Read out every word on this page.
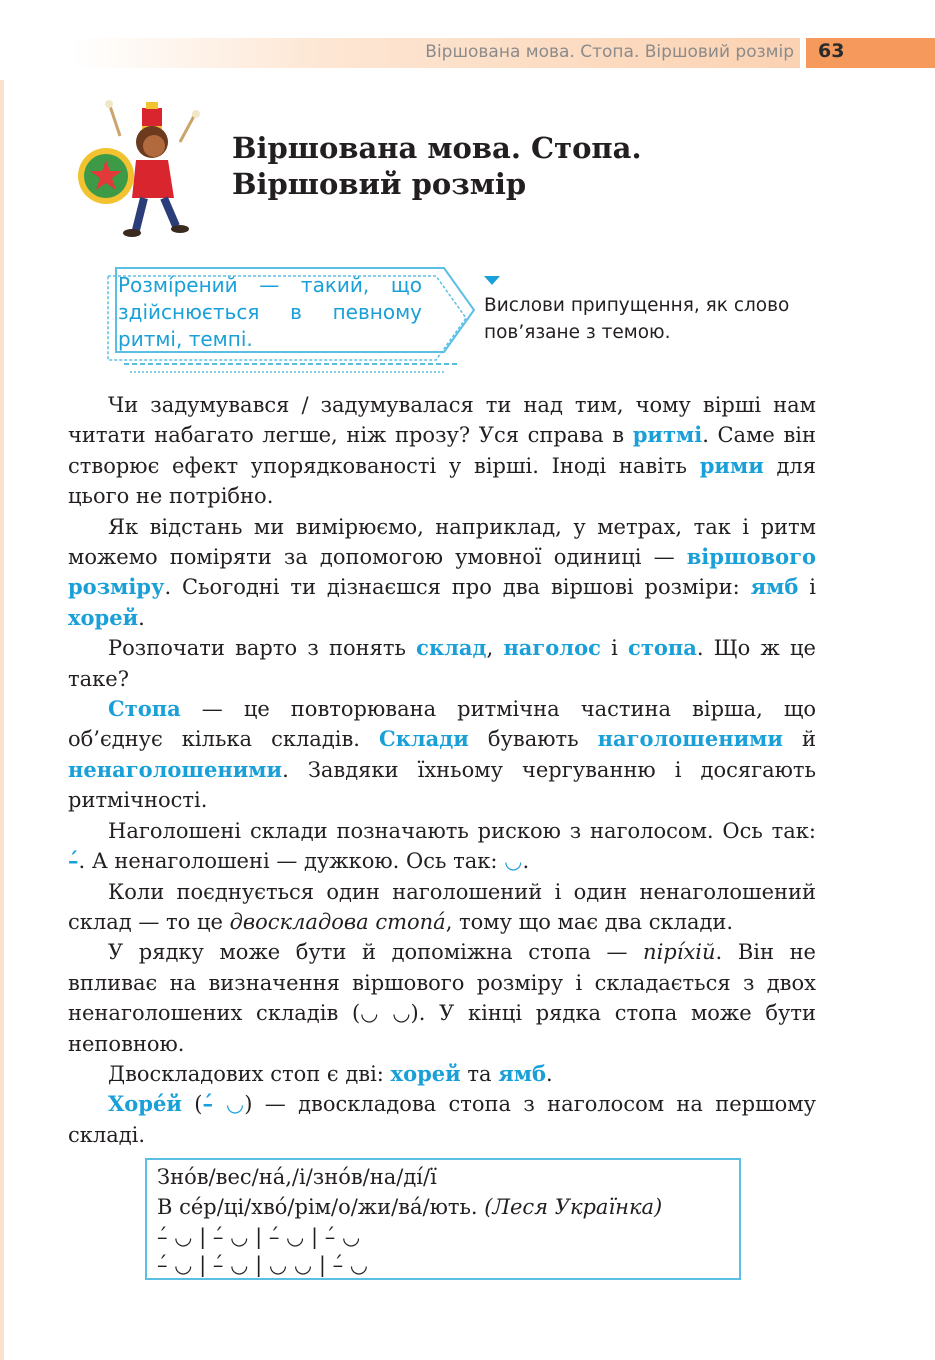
Віршована мова. Стопа. Віршовий розмір 63
Віршована мова. Стопа.
Віршовий розмір
Розмі́рений — такий, що здійснюється в певному ритмі, темпі.
Вислови припущення, як слово пов’язане з темою.

Чи задумувався / задумувалася ти над тим, чому вірші нам читати набагато легше, ніж прозу? Уся справа в ритмі. Саме він створює ефект упорядкованості у вірші. Іноді навіть рими для цього не потрібно.

Як відстань ми вимірюємо, наприклад, у метрах, так і ритм можемо поміряти за допомогою умовної одиниці — віршового розміру. Сьогодні ти дізнаєшся про два віршові розміри: ямб і хорей.

Розпочати варто з понять склад, наголос і стопа. Що ж це таке?

Стопа — це повторювана ритмічна частина вірша, що об’єднує кілька складів. Склади бувають наголошеними й ненаголошеними. Завдяки їхньому чергуванню і досягають ритмічності.

Наголошені склади позначають рискою з наголосом. Ось так: –́. А ненаголошені — дужкою. Ось так: ◡.

Коли поєднується один наголошений і один ненаголошений склад — то це двоскладова стопа́, тому що має два склади.

У рядку може бути й допоміжна стопа — пірі́хій. Він не впливає на визначення віршового розміру і складається з двох ненаголошених складів (◡ ◡). У кінці рядка стопа може бути неповною.

Двоскладових стоп є дві: хорей та ямб.

Хоре́й (–́ ◡) — двоскладова стопа з наголосом на першому складі.

Зно́в/вес/на́,/і/зно́в/на/ді́/ї
В се́р/ці/хво́/рім/о/жи/ва́/ють. (Леся Українка)
–́ ◡ | –́ ◡ | –́ ◡ | –́ ◡
–́ ◡ | –́ ◡ | ◡ ◡ | –́ ◡
